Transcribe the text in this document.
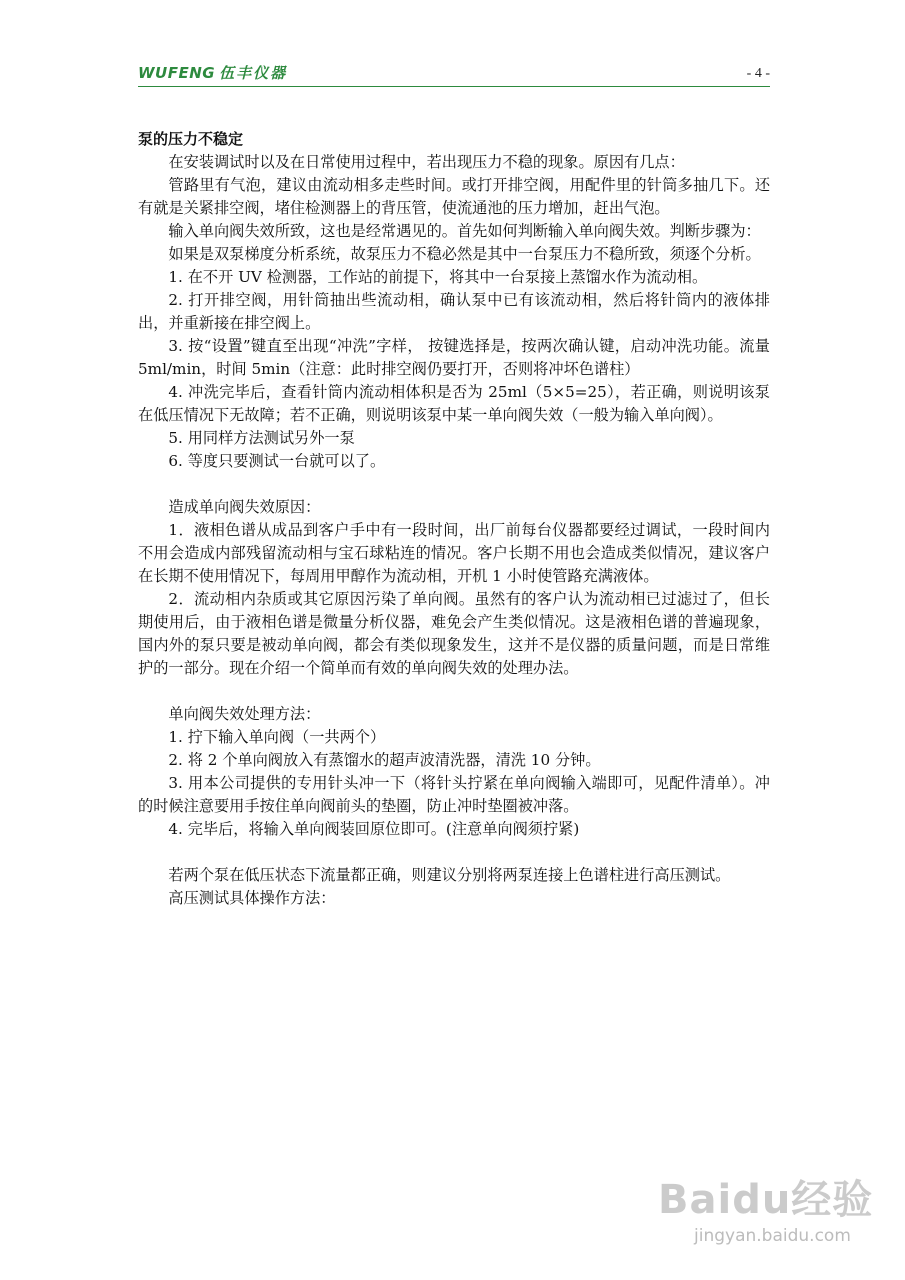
WUFENG 伍丰仪器	- 4 -

泵的压力不稳定

在安装调试时以及在日常使用过程中，若出现压力不稳的现象。原因有几点：

管路里有气泡，建议由流动相多走些时间。或打开排空阀，用配件里的针筒多抽几下。还有就是关紧排空阀，堵住检测器上的背压管，使流通池的压力增加，赶出气泡。

输入单向阀失效所致，这也是经常遇见的。首先如何判断输入单向阀失效。判断步骤为：

如果是双泵梯度分析系统，故泵压力不稳必然是其中一台泵压力不稳所致，须逐个分析。

1. 在不开 UV 检测器，工作站的前提下，将其中一台泵接上蒸馏水作为流动相。

2. 打开排空阀，用针筒抽出些流动相，确认泵中已有该流动相，然后将针筒内的液体排出，并重新接在排空阀上。

3. 按“设置”键直至出现“冲洗”字样， 按键选择是，按两次确认键，启动冲洗功能。流量 5ml/min，时间 5min（注意：此时排空阀仍要打开，否则将冲坏色谱柱）

4. 冲洗完毕后，查看针筒内流动相体积是否为 25ml（5×5=25），若正确，则说明该泵在低压情况下无故障；若不正确，则说明该泵中某一单向阀失效（一般为输入单向阀）。

5. 用同样方法测试另外一泵

6. 等度只要测试一台就可以了。

造成单向阀失效原因：

1．液相色谱从成品到客户手中有一段时间，出厂前每台仪器都要经过调试，一段时间内不用会造成内部残留流动相与宝石球粘连的情况。客户长期不用也会造成类似情况，建议客户在长期不使用情况下，每周用甲醇作为流动相，开机 1 小时使管路充满液体。

2．流动相内杂质或其它原因污染了单向阀。虽然有的客户认为流动相已过滤过了，但长期使用后，由于液相色谱是微量分析仪器，难免会产生类似情况。这是液相色谱的普遍现象，国内外的泵只要是被动单向阀，都会有类似现象发生，这并不是仪器的质量问题，而是日常维护的一部分。现在介绍一个简单而有效的单向阀失效的处理办法。

单向阀失效处理方法：

1. 拧下输入单向阀（一共两个）

2. 将 2 个单向阀放入有蒸馏水的超声波清洗器，清洗 10 分钟。

3. 用本公司提供的专用针头冲一下（将针头拧紧在单向阀输入端即可，见配件清单）。冲的时候注意要用手按住单向阀前头的垫圈，防止冲时垫圈被冲落。

4. 完毕后，将输入单向阀装回原位即可。(注意单向阀须拧紧)

若两个泵在低压状态下流量都正确，则建议分别将两泵连接上色谱柱进行高压测试。

高压测试具体操作方法：

Baidu经验
jingyan.baidu.com
